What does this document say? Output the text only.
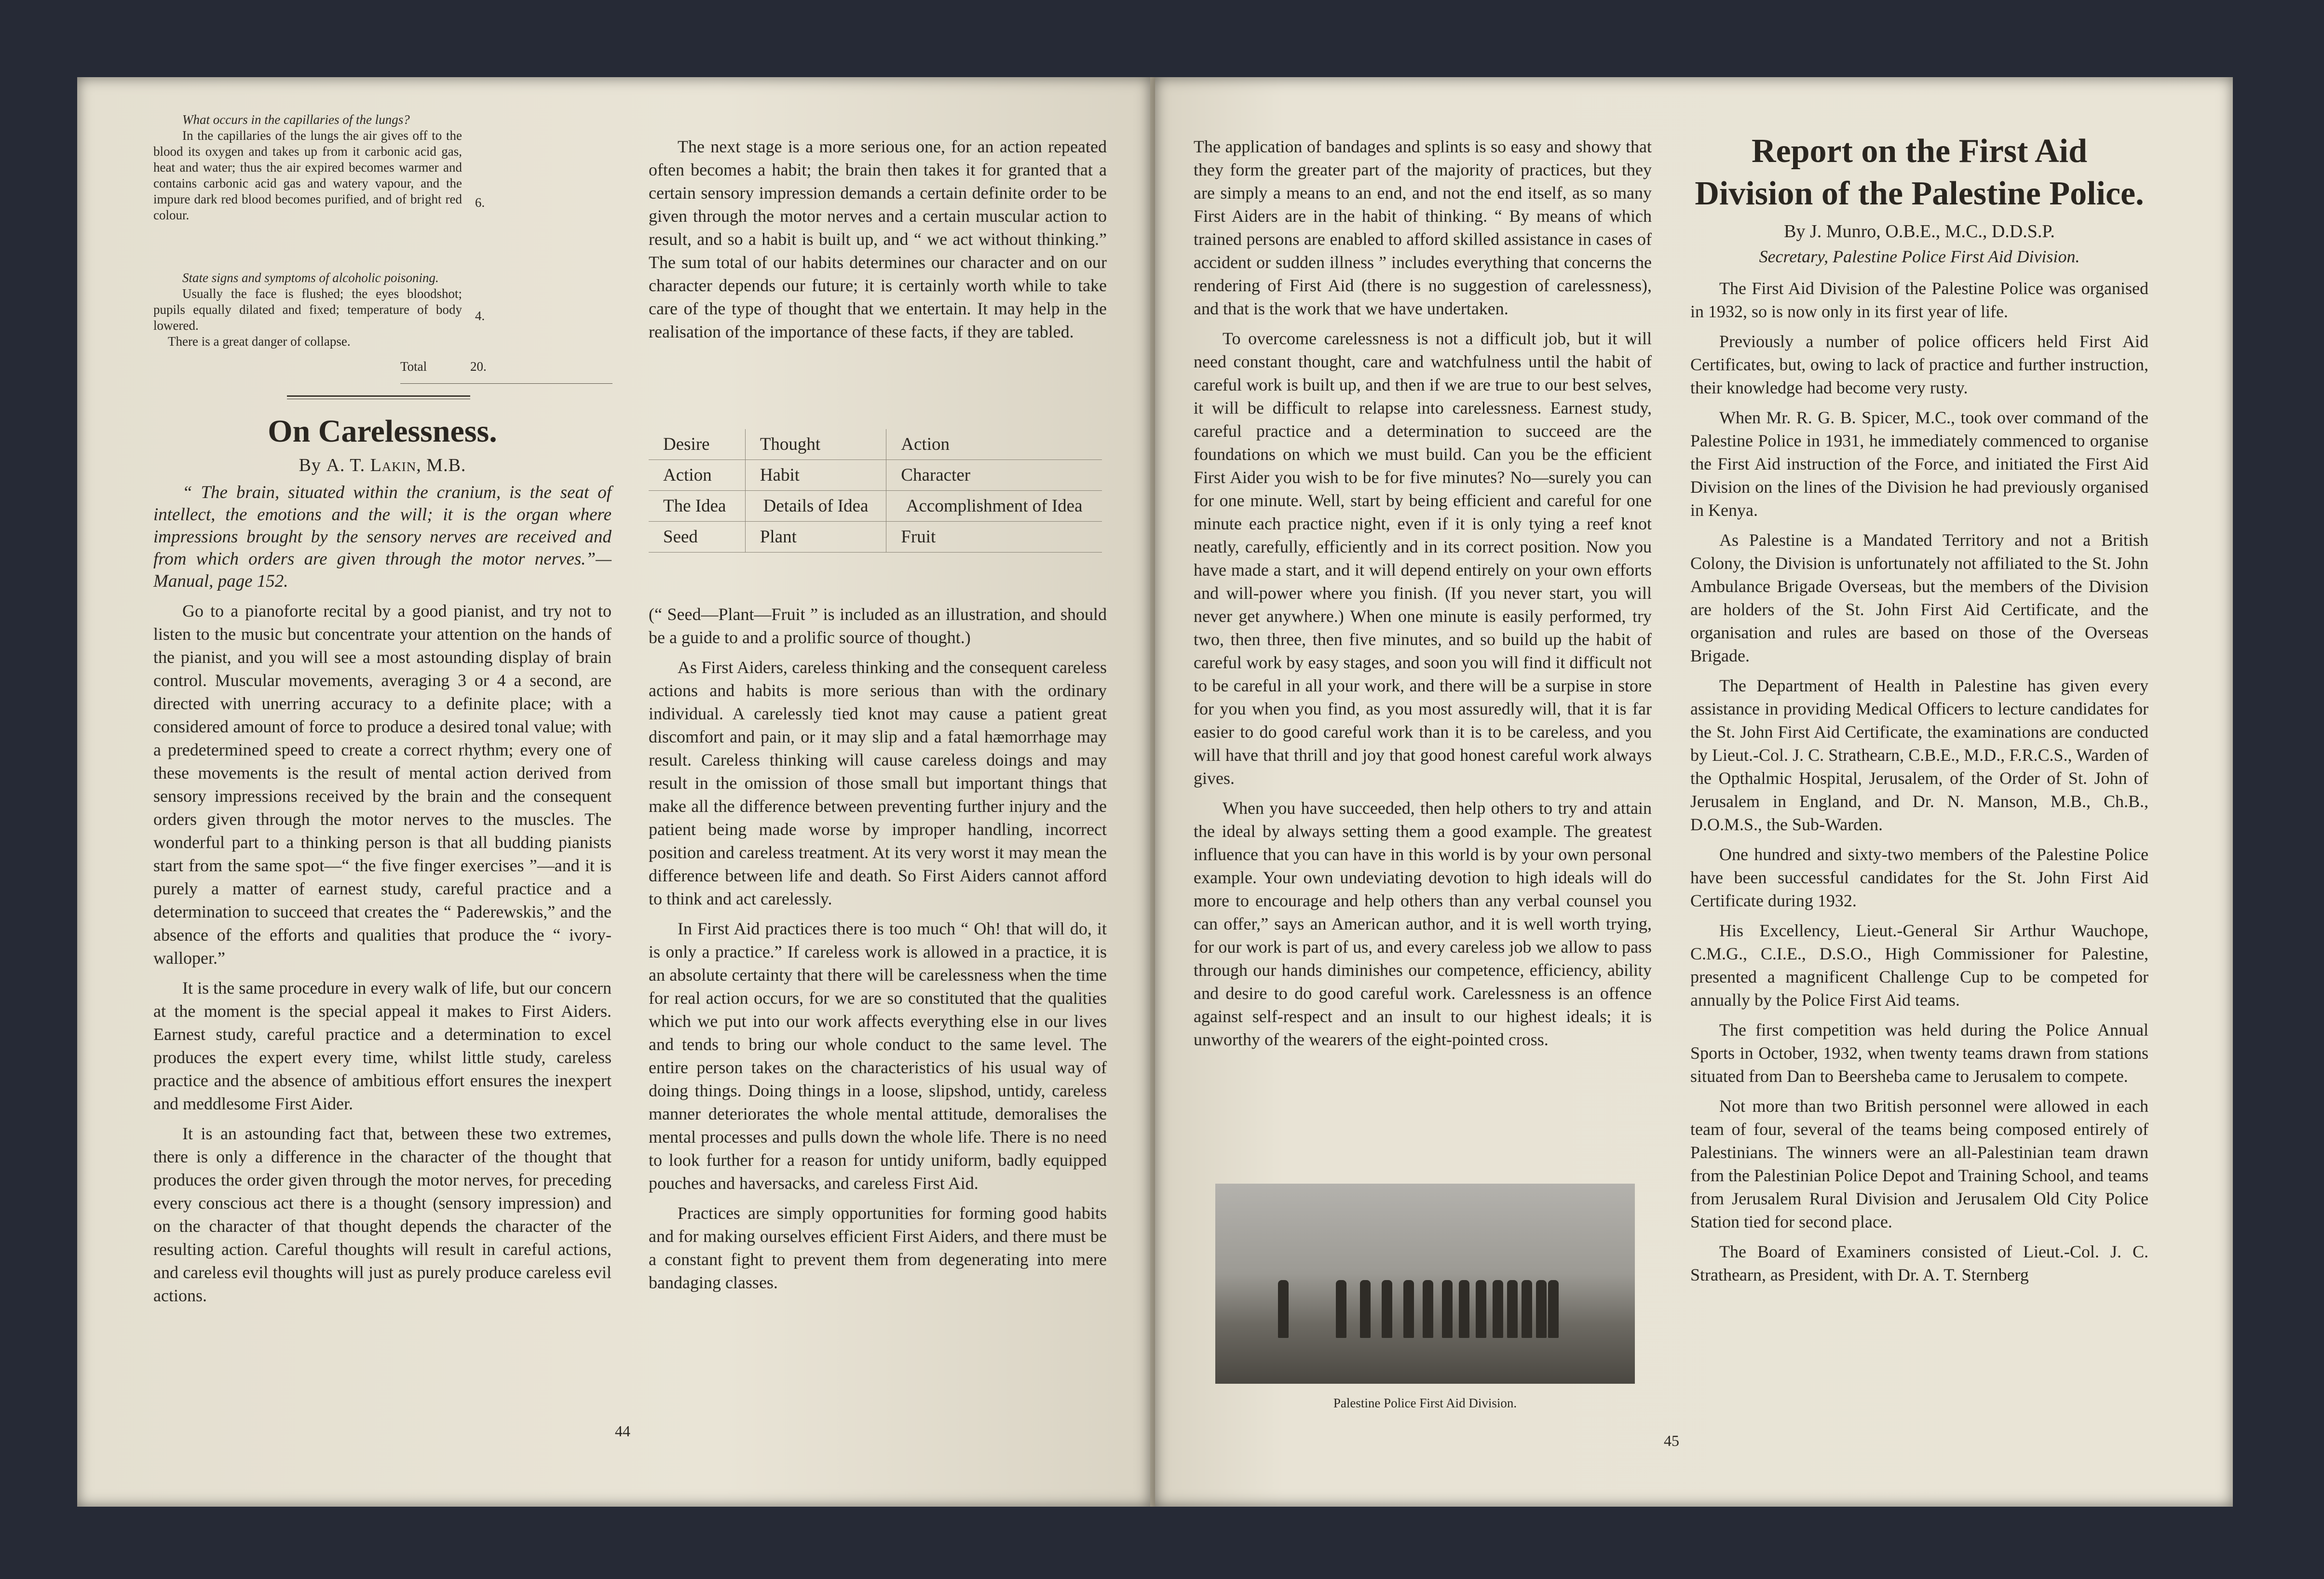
What occurs in the capillaries of the lungs?

In the capillaries of the lungs the air gives off to the blood its oxygen and takes up from it carbonic acid gas, heat and water; thus the air expired becomes warmer and contains carbonic acid gas and watery vapour, and the impure dark red blood becomes purified, and of bright red colour.

6.

State signs and symptoms of alcoholic poisoning.

Usually the face is flushed; the eyes bloodshot; pupils equally dilated and fixed; temperature of body lowered.

There is a great danger of collapse.

4.
Total	20.
On Carelessness.
By A. T. Lakin, M.B.

“ The brain, situated within the cranium, is the seat of intellect, the emotions and the will; it is the organ where impressions brought by the sensory nerves are received and from which orders are given through the motor nerves.”— Manual, page 152.

Go to a pianoforte recital by a good pianist, and try not to listen to the music but concentrate your attention on the hands of the pianist, and you will see a most astounding display of brain control. Muscular movements, averaging 3 or 4 a second, are directed with unerring accuracy to a definite place; with a considered amount of force to produce a desired tonal value; with a predetermined speed to create a correct rhythm; every one of these movements is the result of mental action derived from sensory impressions received by the brain and the consequent orders given through the motor nerves to the muscles. The wonderful part to a thinking person is that all budding pianists start from the same spot—“ the five finger exercises ”—and it is purely a matter of earnest study, careful practice and a determination to succeed that creates the “ Paderewskis,” and the absence of the efforts and qualities that produce the “ ivory-walloper.”

It is the same procedure in every walk of life, but our concern at the moment is the special appeal it makes to First Aiders. Earnest study, careful practice and a determination to excel produces the expert every time, whilst little study, careless practice and the absence of ambitious effort ensures the inexpert and meddlesome First Aider.

It is an astounding fact that, between these two extremes, there is only a difference in the character of the thought that produces the order given through the motor nerves, for preceding every conscious act there is a thought (sensory impression) and on the character of that thought depends the character of the resulting action. Careful thoughts will result in careful actions, and careless evil thoughts will just as purely produce careless evil actions.

The next stage is a more serious one, for an action repeated often becomes a habit; the brain then takes it for granted that a certain sensory impression demands a certain definite order to be given through the motor nerves and a certain muscular action to result, and so a habit is built up, and “ we act without thinking.” The sum total of our habits determines our character and on our character depends our future; it is certainly worth while to take care of the type of thought that we entertain. It may help in the realisation of the importance of these facts, if they are tabled.

Desire	Thought	Action
Action	Habit	Character
The Idea	Details of Idea	Accomplishment of Idea
Seed	Plant	Fruit

(“ Seed—Plant—Fruit ” is included as an illustration, and should be a guide to and a prolific source of thought.)

As First Aiders, careless thinking and the consequent careless actions and habits is more serious than with the ordinary individual. A carelessly tied knot may cause a patient great discomfort and pain, or it may slip and a fatal hæmorrhage may result. Careless thinking will cause careless doings and may result in the omission of those small but important things that make all the difference between preventing further injury and the patient being made worse by improper handling, incorrect position and careless treatment. At its very worst it may mean the difference between life and death. So First Aiders cannot afford to think and act carelessly.

In First Aid practices there is too much “ Oh! that will do, it is only a practice.” If careless work is allowed in a practice, it is an absolute certainty that there will be carelessness when the time for real action occurs, for we are so constituted that the qualities which we put into our work affects everything else in our lives and tends to bring our whole conduct to the same level. The entire person takes on the characteristics of his usual way of doing things. Doing things in a loose, slipshod, untidy, careless manner deteriorates the whole mental attitude, demoralises the mental processes and pulls down the whole life. There is no need to look further for a reason for untidy uniform, badly equipped pouches and haversacks, and careless First Aid.

Practices are simply opportunities for forming good habits and for making ourselves efficient First Aiders, and there must be a constant fight to prevent them from degenerating into mere bandaging classes.

44

The application of bandages and splints is so easy and showy that they form the greater part of the majority of practices, but they are simply a means to an end, and not the end itself, as so many First Aiders are in the habit of thinking. “ By means of which trained persons are enabled to afford skilled assistance in cases of accident or sudden illness ” includes everything that concerns the rendering of First Aid (there is no suggestion of carelessness), and that is the work that we have undertaken.

To overcome carelessness is not a difficult job, but it will need constant thought, care and watchfulness until the habit of careful work is built up, and then if we are true to our best selves, it will be difficult to relapse into carelessness. Earnest study, careful practice and a determination to succeed are the foundations on which we must build. Can you be the efficient First Aider you wish to be for five minutes? No—surely you can for one minute. Well, start by being efficient and careful for one minute each practice night, even if it is only tying a reef knot neatly, carefully, efficiently and in its correct position. Now you have made a start, and it will depend entirely on your own efforts and will-power where you finish. (If you never start, you will never get anywhere.) When one minute is easily performed, try two, then three, then five minutes, and so build up the habit of careful work by easy stages, and soon you will find it difficult not to be careful in all your work, and there will be a surpise in store for you when you find, as you most assuredly will, that it is far easier to do good careful work than it is to be careless, and you will have that thrill and joy that good honest careful work always gives.

When you have succeeded, then help others to try and attain the ideal by always setting them a good example. The greatest influence that you can have in this world is by your own personal example. Your own undeviating devotion to high ideals will do more to encourage and help others than any verbal counsel you can offer,” says an American author, and it is well worth trying, for our work is part of us, and every careless job we allow to pass through our hands diminishes our competence, efficiency, ability and desire to do good careful work. Carelessness is an offence against self-respect and an insult to our highest ideals; it is unworthy of the wearers of the eight-pointed cross.

Palestine Police First Aid Division.
Report on the First Aid Division of the Palestine Police.
By J. Munro, O.B.E., M.C., D.D.S.P.
Secretary, Palestine Police First Aid Division.

The First Aid Division of the Palestine Police was organised in 1932, so is now only in its first year of life.

Previously a number of police officers held First Aid Certificates, but, owing to lack of practice and further instruction, their knowledge had become very rusty.

When Mr. R. G. B. Spicer, M.C., took over command of the Palestine Police in 1931, he immediately commenced to organise the First Aid instruction of the Force, and initiated the First Aid Division on the lines of the Division he had previously organised in Kenya.

As Palestine is a Mandated Territory and not a British Colony, the Division is unfortunately not affiliated to the St. John Ambulance Brigade Overseas, but the members of the Division are holders of the St. John First Aid Certificate, and the organisation and rules are based on those of the Overseas Brigade.

The Department of Health in Palestine has given every assistance in providing Medical Officers to lecture candidates for the St. John First Aid Certificate, the examinations are conducted by Lieut.-Col. J. C. Strathearn, C.B.E., M.D., F.R.C.S., Warden of the Opthalmic Hospital, Jerusalem, of the Order of St. John of Jerusalem in England, and Dr. N. Manson, M.B., Ch.B., D.O.M.S., the Sub-Warden.

One hundred and sixty-two members of the Palestine Police have been successful candidates for the St. John First Aid Certificate during 1932.

His Excellency, Lieut.-General Sir Arthur Wauchope, C.M.G., C.I.E., D.S.O., High Commissioner for Palestine, presented a magnificent Challenge Cup to be competed for annually by the Police First Aid teams.

The first competition was held during the Police Annual Sports in October, 1932, when twenty teams drawn from stations situated from Dan to Beersheba came to Jerusalem to compete.

Not more than two British personnel were allowed in each team of four, several of the teams being composed entirely of Palestinians. The winners were an all-Palestinian team drawn from the Palestinian Police Depot and Training School, and teams from Jerusalem Rural Division and Jerusalem Old City Police Station tied for second place.

The Board of Examiners consisted of Lieut.-Col. J. C. Strathearn, as President, with Dr. A. T. Sternberg

45
